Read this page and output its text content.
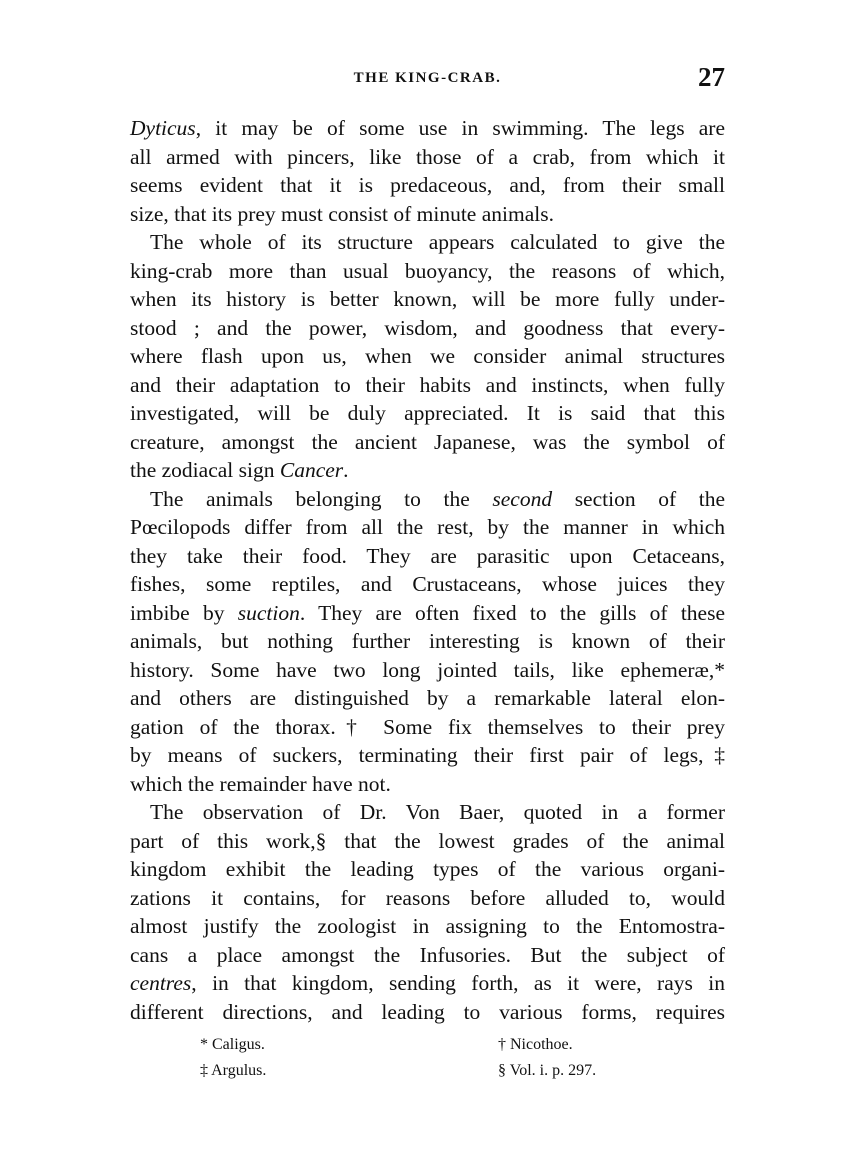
THE KING-CRAB.	27
Dyticus, it may be of some use in swimming. The legs are
all armed with pincers, like those of a crab, from which it
seems evident that it is predaceous, and, from their small
size, that its prey must consist of minute animals.
The whole of its structure appears calculated to give the
king-crab more than usual buoyancy, the reasons of which,
when its history is better known, will be more fully under-
stood ; and the power, wisdom, and goodness that every-
where flash upon us, when we consider animal structures
and their adaptation to their habits and instincts, when fully
investigated, will be duly appreciated. It is said that this
creature, amongst the ancient Japanese, was the symbol of
the zodiacal sign Cancer.
The animals belonging to the second section of the
Pœcilopods differ from all the rest, by the manner in which
they take their food. They are parasitic upon Cetaceans,
fishes, some reptiles, and Crustaceans, whose juices they
imbibe by suction. They are often fixed to the gills of these
animals, but nothing further interesting is known of their
history. Some have two long jointed tails, like ephemeræ,*
and others are distinguished by a remarkable lateral elon-
gation of the thorax.† Some fix themselves to their prey
by means of suckers, terminating their first pair of legs,‡
which the remainder have not.
The observation of Dr. Von Baer, quoted in a former
part of this work,§ that the lowest grades of the animal
kingdom exhibit the leading types of the various organi-
zations it contains, for reasons before alluded to, would
almost justify the zoologist in assigning to the Entomostra-
cans a place amongst the Infusories. But the subject of
centres, in that kingdom, sending forth, as it were, rays in
different directions, and leading to various forms, requires
* Caligus.	† Nicothoe.
‡ Argulus.	§ Vol. i. p. 297.
